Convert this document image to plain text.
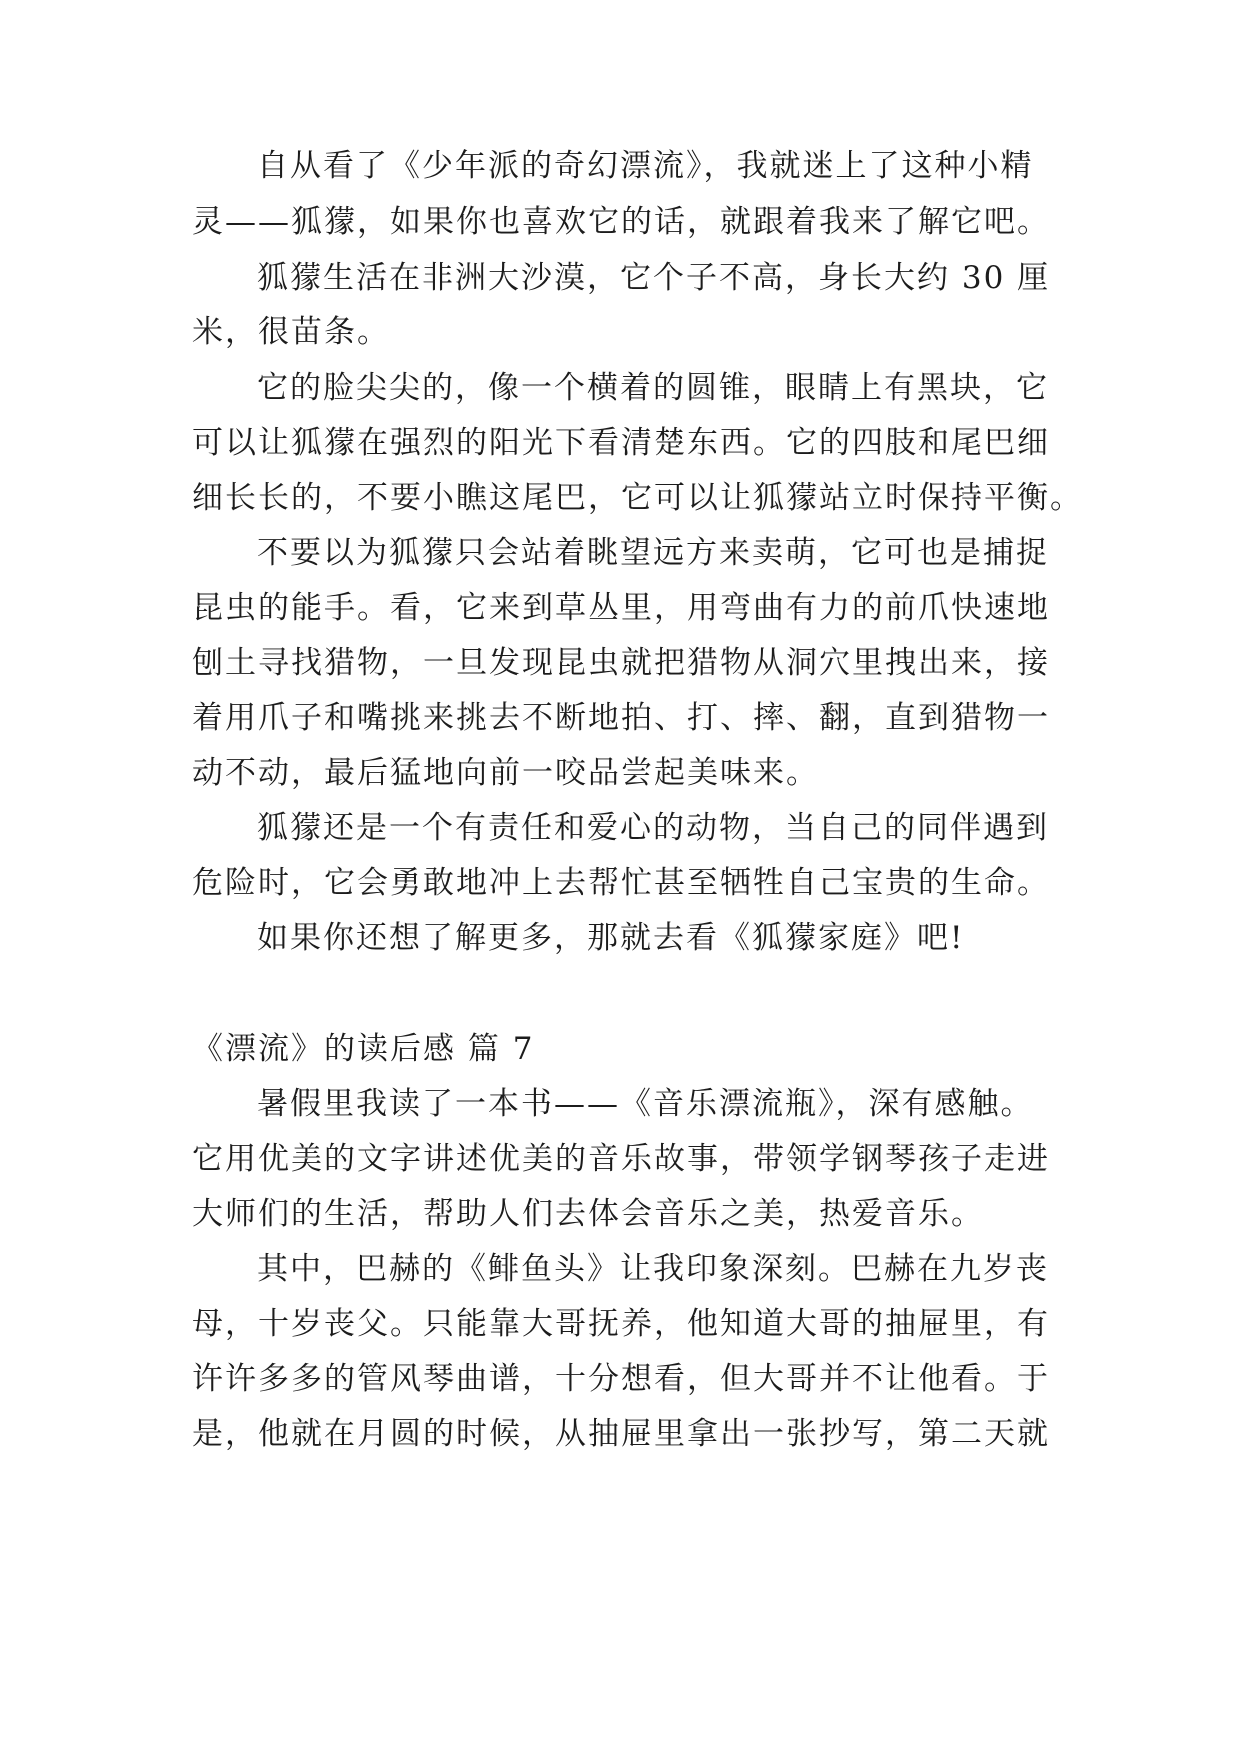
自从看了《少年派的奇幻漂流》，我就迷上了这种小精
灵——狐獴，如果你也喜欢它的话，就跟着我来了解它吧。
狐獴生活在非洲大沙漠，它个子不高，身长大约 30 厘
米，很苗条。
它的脸尖尖的，像一个横着的圆锥，眼睛上有黑块，它
可以让狐獴在强烈的阳光下看清楚东西。它的四肢和尾巴细
细长长的，不要小瞧这尾巴，它可以让狐獴站立时保持平衡。
不要以为狐獴只会站着眺望远方来卖萌，它可也是捕捉
昆虫的能手。看，它来到草丛里，用弯曲有力的前爪快速地
刨土寻找猎物，一旦发现昆虫就把猎物从洞穴里拽出来，接
着用爪子和嘴挑来挑去不断地拍、打、摔、翻，直到猎物一
动不动，最后猛地向前一咬品尝起美味来。
狐獴还是一个有责任和爱心的动物，当自己的同伴遇到
危险时，它会勇敢地冲上去帮忙甚至牺牲自己宝贵的生命。
如果你还想了解更多，那就去看《狐獴家庭》吧!
《漂流》的读后感 篇 7
暑假里我读了一本书——《音乐漂流瓶》，深有感触。
它用优美的文字讲述优美的音乐故事，带领学钢琴孩子走进
大师们的生活，帮助人们去体会音乐之美，热爱音乐。
其中，巴赫的《鲱鱼头》让我印象深刻。巴赫在九岁丧
母，十岁丧父。只能靠大哥抚养，他知道大哥的抽屉里，有
许许多多的管风琴曲谱，十分想看，但大哥并不让他看。于
是，他就在月圆的时候，从抽屉里拿出一张抄写，第二天就
